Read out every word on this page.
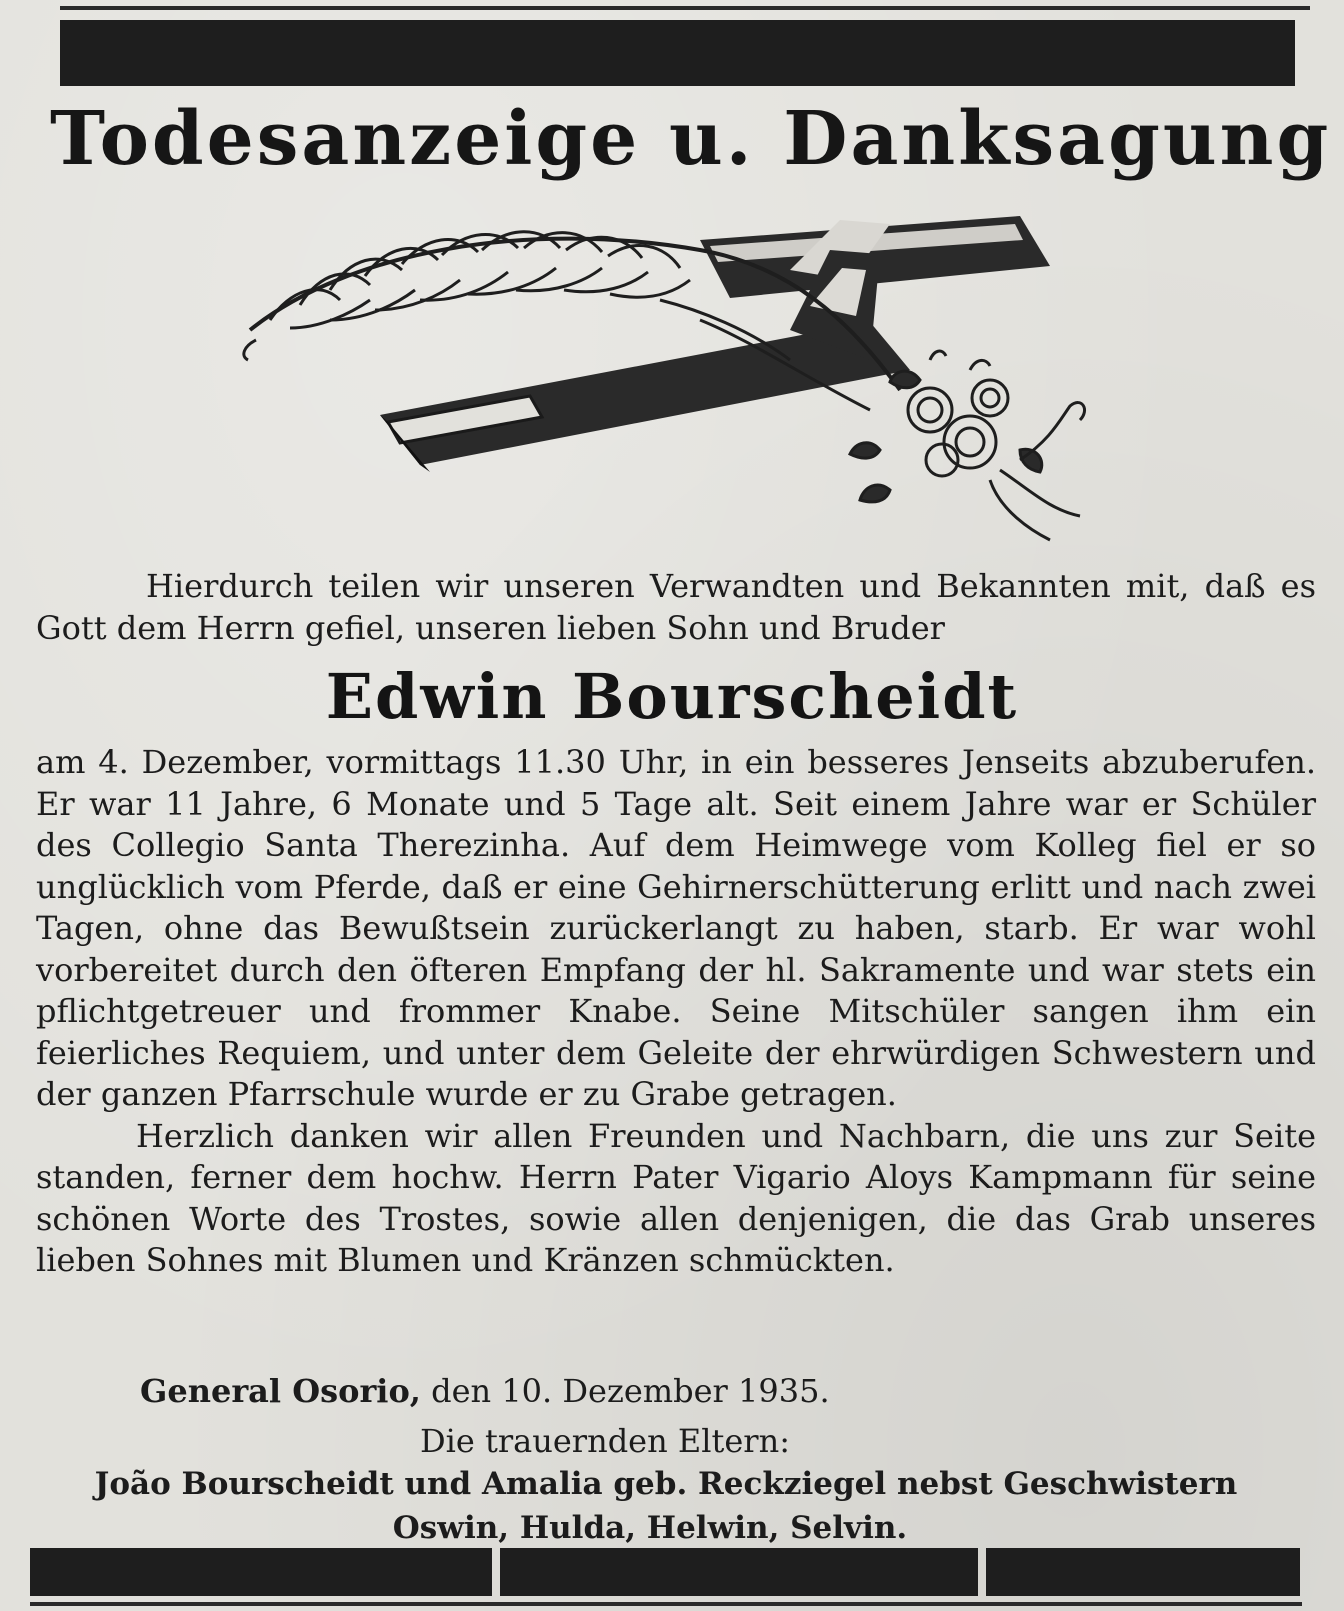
Todesanzeige u. Danksagung
Hierdurch teilen wir unseren Verwandten und Bekannten mit, daß es Gott dem Herrn gefiel, unseren lieben Sohn und Bruder
Edwin Bourscheidt
am 4. Dezember, vormittags 11.30 Uhr, in ein besseres Jenseits abzuberufen. Er war 11 Jahre, 6 Monate und 5 Tage alt. Seit einem Jahre war er Schüler des Collegio Santa Therezinha. Auf dem Heimwege vom Kolleg fiel er so unglücklich vom Pferde, daß er eine Gehirnerschütterung erlitt und nach zwei Tagen, ohne das Bewußtsein zurückerlangt zu haben, starb. Er war wohl vorbereitet durch den öfteren Empfang der hl. Sakramente und war stets ein pflichtgetreuer und frommer Knabe. Seine Mitschüler sangen ihm ein feierliches Requiem, und unter dem Geleite der ehrwürdigen Schwestern und der ganzen Pfarrschule wurde er zu Grabe getragen.
Herzlich danken wir allen Freunden und Nachbarn, die uns zur Seite standen, ferner dem hochw. Herrn Pater Vigario Aloys Kampmann für seine schönen Worte des Trostes, sowie allen denjenigen, die das Grab unseres lieben Sohnes mit Blumen und Kränzen schmückten.
General Osorio, den 10. Dezember 1935.
Die trauernden Eltern:
João Bourscheidt und Amalia geb. Reckziegel nebst Geschwistern
Oswin, Hulda, Helwin, Selvin.
